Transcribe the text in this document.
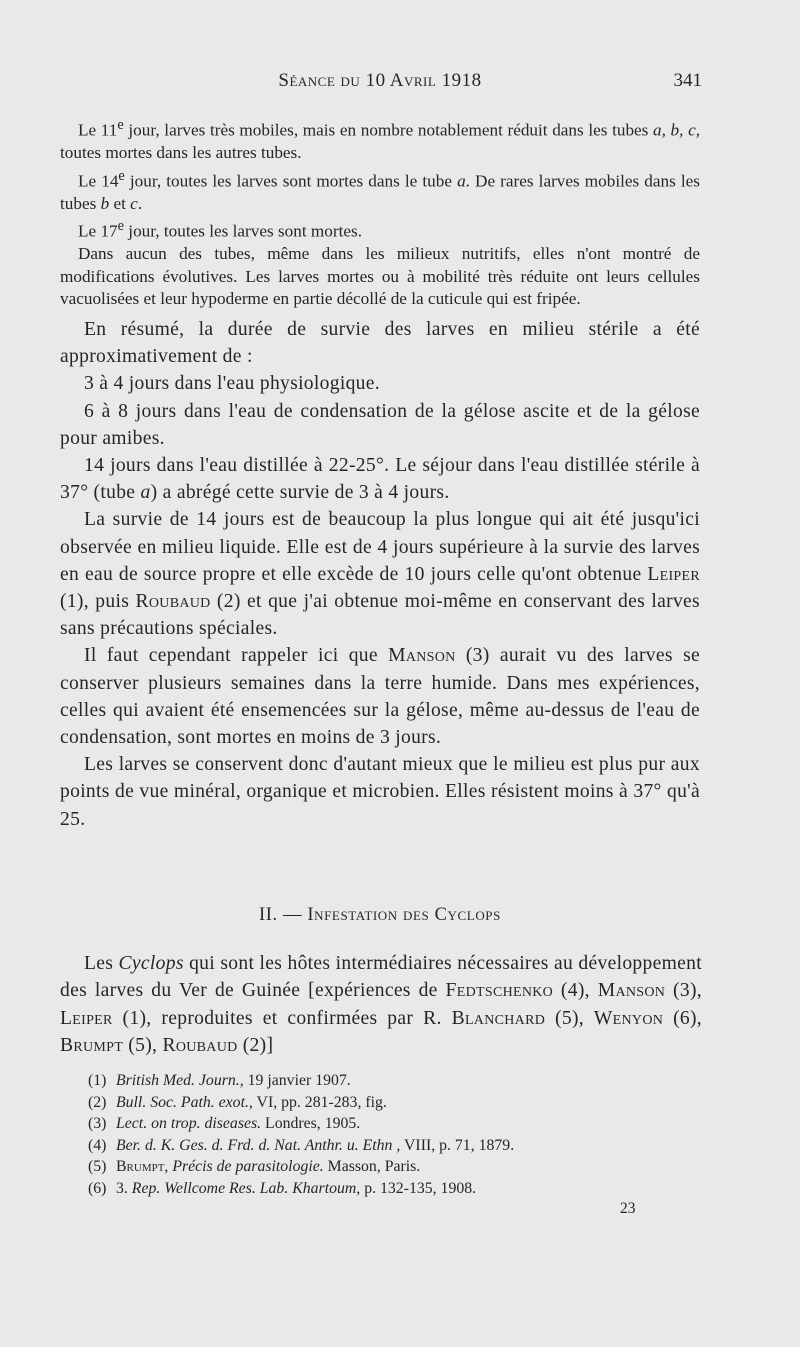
Séance du 10 Avril 1918	341

Le 11e jour, larves très mobiles, mais en nombre notablement réduit dans les tubes a, b, c, toutes mortes dans les autres tubes.

Le 14e jour, toutes les larves sont mortes dans le tube a. De rares larves mobiles dans les tubes b et c.

Le 17e jour, toutes les larves sont mortes.

Dans aucun des tubes, même dans les milieux nutritifs, elles n'ont montré de modifications évolutives. Les larves mortes ou à mobilité très réduite ont leurs cellules vacuolisées et leur hypoderme en partie décollé de la cuticule qui est fripée.

En résumé, la durée de survie des larves en milieu stérile a été approximativement de :

3 à 4 jours dans l'eau physiologique.

6 à 8 jours dans l'eau de condensation de la gélose ascite et de la gélose pour amibes.

14 jours dans l'eau distillée à 22-25°. Le séjour dans l'eau distillée stérile à 37° (tube a) a abrégé cette survie de 3 à 4 jours.

La survie de 14 jours est de beaucoup la plus longue qui ait été jusqu'ici observée en milieu liquide. Elle est de 4 jours supérieure à la survie des larves en eau de source propre et elle excède de 10 jours celle qu'ont obtenue Leiper (1), puis Roubaud (2) et que j'ai obtenue moi-même en conservant des larves sans précautions spéciales.

Il faut cependant rappeler ici que Manson (3) aurait vu des larves se conserver plusieurs semaines dans la terre humide. Dans mes expériences, celles qui avaient été ensemencées sur la gélose, même au-dessus de l'eau de condensation, sont mortes en moins de 3 jours.

Les larves se conservent donc d'autant mieux que le milieu est plus pur aux points de vue minéral, organique et microbien. Elles résistent moins à 37° qu'à 25.

II. — Infestation des Cyclops

Les Cyclops qui sont les hôtes intermédiaires nécessaires au développement des larves du Ver de Guinée [expériences de Fedtschenko (4), Manson (3), Leiper (1), reproduites et confirmées par R. Blanchard (5), Wenyon (6), Brumpt (5), Roubaud (2)]

(1) British Med. Journ., 19 janvier 1907.
(2) Bull. Soc. Path. exot., VI, pp. 281-283, fig.
(3) Lect. on trop. diseases. Londres, 1905.
(4) Ber. d. K. Ges. d. Frd. d. Nat. Anthr. u. Ethn , VIII, p. 71, 1879.
(5) Brumpt, Précis de parasitologie. Masson, Paris.
(6) 3. Rep. Wellcome Res. Lab. Khartoum, p. 132-135, 1908.
23
